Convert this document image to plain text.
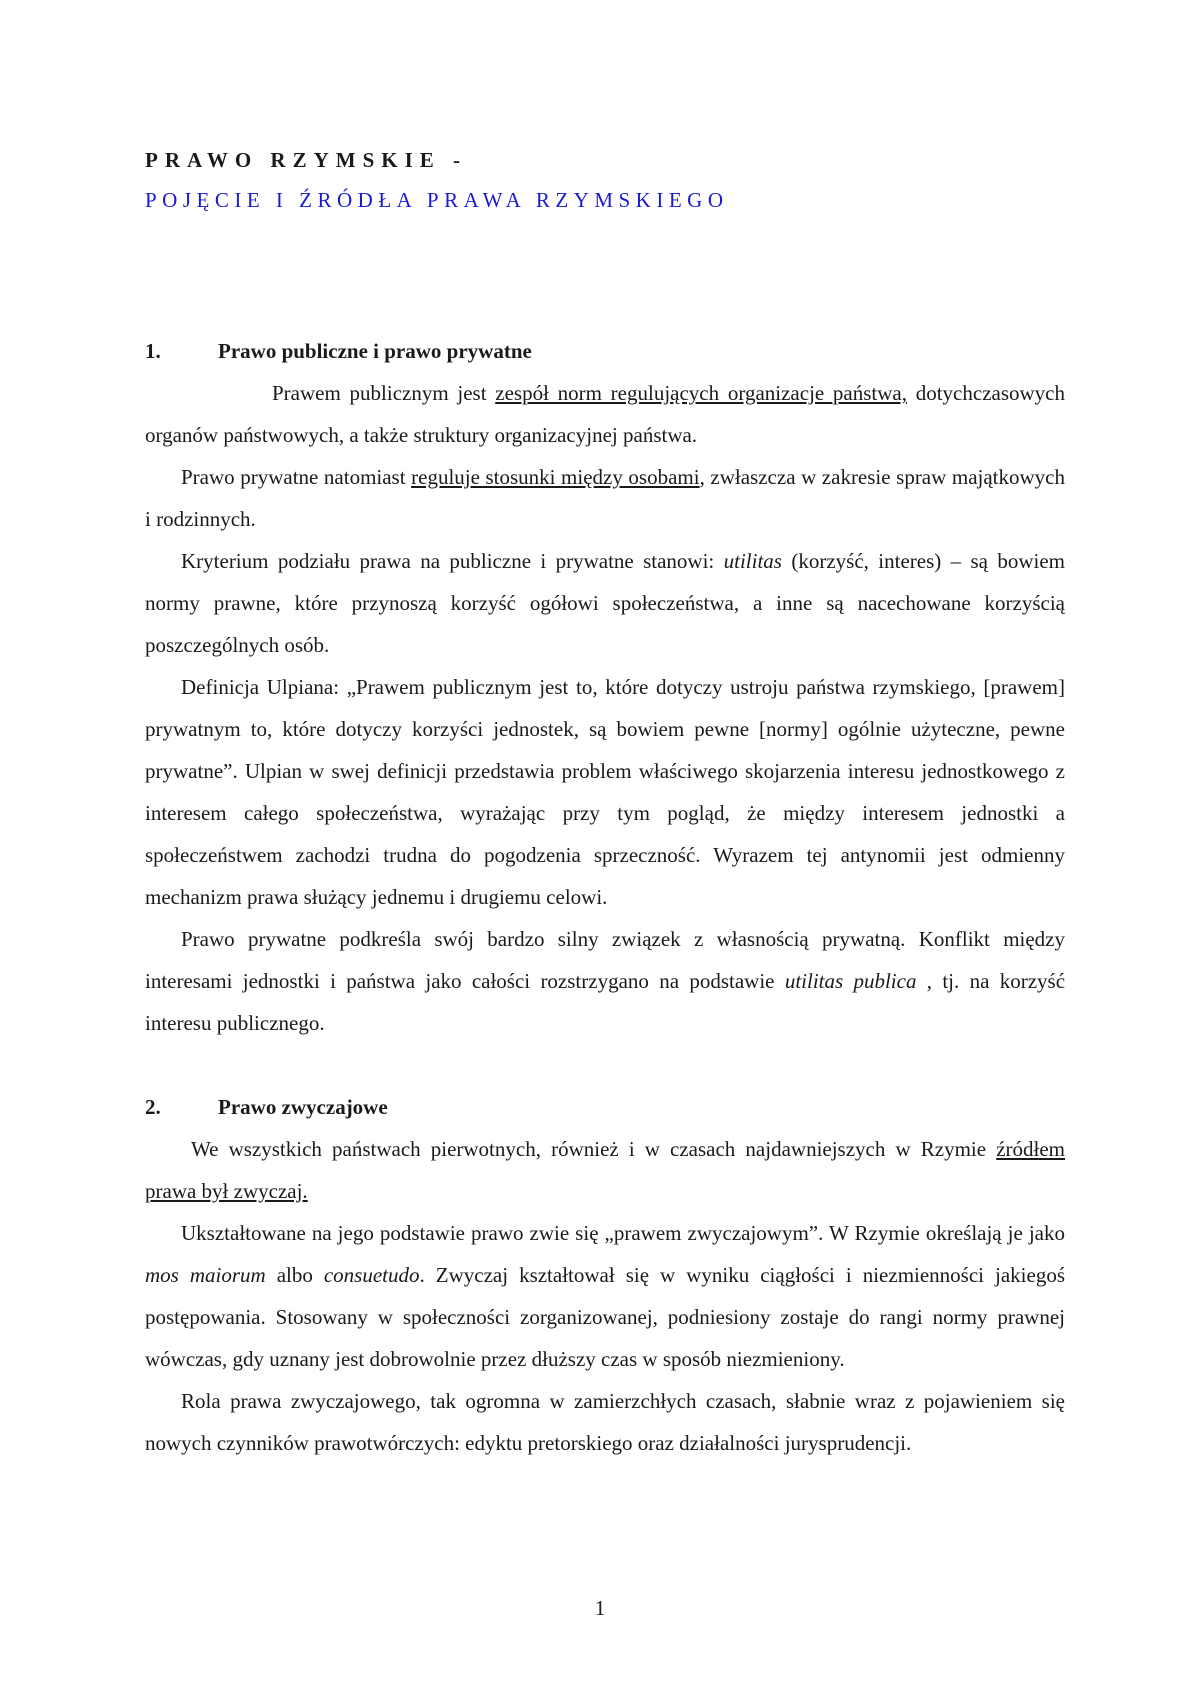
PRAWO RZYMSKIE -

POJĘCIE I ŹRÓDŁA PRAWA RZYMSKIEGO

1.	Prawo publiczne i prawo prywatne

Prawem publicznym jest zespół norm regulujących organizacje państwa, dotychczasowych organów państwowych, a także struktury organizacyjnej państwa.

Prawo prywatne natomiast reguluje stosunki między osobami, zwłaszcza w zakresie spraw majątkowych i rodzinnych.

Kryterium podziału prawa na publiczne i prywatne stanowi: utilitas (korzyść, interes) – są bowiem normy prawne, które przynoszą korzyść ogółowi społeczeństwa, a inne są nacechowane korzyścią poszczególnych osób.

Definicja Ulpiana: „Prawem publicznym jest to, które dotyczy ustroju państwa rzymskiego, [prawem] prywatnym to, które dotyczy korzyści jednostek, są bowiem pewne [normy] ogólnie użyteczne, pewne prywatne”. Ulpian w swej definicji przedstawia problem właściwego skojarzenia interesu jednostkowego z interesem całego społeczeństwa, wyrażając przy tym pogląd, że między interesem jednostki a społeczeństwem zachodzi trudna do pogodzenia sprzeczność. Wyrazem tej antynomii jest odmienny mechanizm prawa służący jednemu i drugiemu celowi.

Prawo prywatne podkreśla swój bardzo silny związek z własnością prywatną. Konflikt między interesami jednostki i państwa jako całości rozstrzygano na podstawie utilitas publica , tj. na korzyść interesu publicznego.

2.	Prawo zwyczajowe

We wszystkich państwach pierwotnych, również i w czasach najdawniejszych w Rzymie źródłem prawa był zwyczaj.

Ukształtowane na jego podstawie prawo zwie się „prawem zwyczajowym”. W Rzymie określają je jako mos maiorum albo consuetudo. Zwyczaj kształtował się w wyniku ciągłości i niezmienności jakiegoś postępowania. Stosowany w społeczności zorganizowanej, podniesiony zostaje do rangi normy prawnej wówczas, gdy uznany jest dobrowolnie przez dłuższy czas w sposób niezmieniony.

Rola prawa zwyczajowego, tak ogromna w zamierzchłych czasach, słabnie wraz z pojawieniem się nowych czynników prawotwórczych: edyktu pretorskiego oraz działalności jurysprudencji.

1
